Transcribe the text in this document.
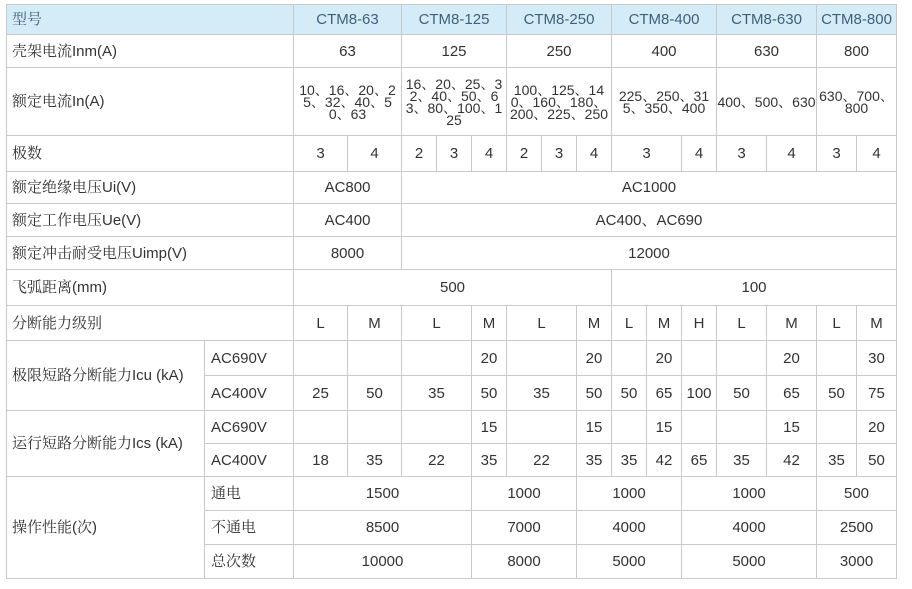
型号		CTM8-63		CTM8-125			CTM8-250			CTM8-400			CTM8-630		CTM8-800	
壳架电流Inm(A)		63		125			250			400			630		800	
额定电流In(A)		10、16、20、25、32、40、50、63		16、20、25、32、40、50、63、80、100、125			100、125、140、160、180、200、225、250			225、250、315、350、400			400、500、630		630、700、800	
极数		3	4	2	3	4	2	3	4	3		4	3	4	3	4
额定绝缘电压Ui(V)		AC800		AC1000												
额定工作电压Ue(V)		AC400		AC400、AC690												
额定冲击耐受电压Uimp(V)		8000		12000												
飞弧距离(mm)		500								100						
分断能力级别		L	M	L		M	L		M	L	M	H	L	M	L	M
极限短路分断能力Icu (kA)	AC690V					20			20		20			20		30
	AC400V	25	50	35		50	35		50	50	65	100	50	65	50	75
运行短路分断能力Ics (kA)	AC690V					15			15		15			15		20
	AC400V	18	35	22		35	22		35	35	42	65	35	42	35	50
操作性能(次)	通电	1500				1000			1000			1000			500	
	不通电	8500				7000			4000			4000			2500	
	总次数	10000				8000			5000			5000			3000	
